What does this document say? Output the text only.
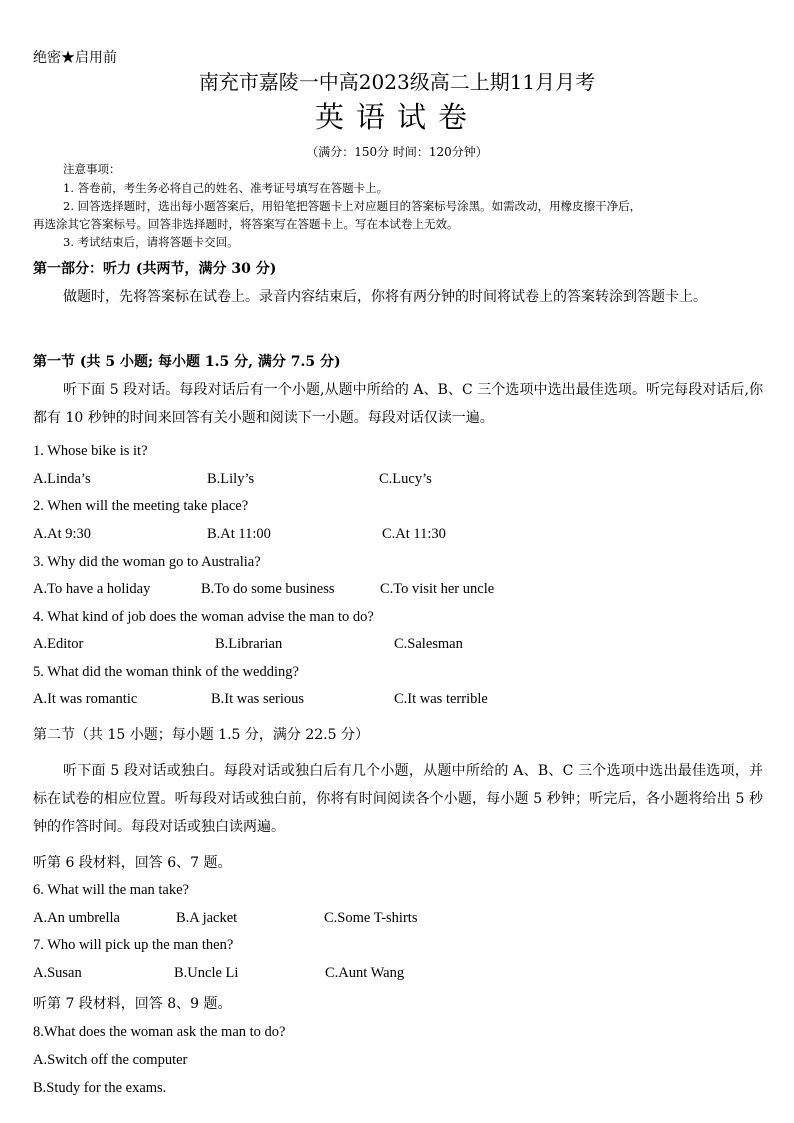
绝密★启用前
南充市嘉陵一中高2023级高二上期11月月考
英语试卷
（满分：150分 时间：120分钟）
注意事项：
1. 答卷前，考生务必将自己的姓名、准考证号填写在答题卡上。
2. 回答选择题时，选出每小题答案后，用铅笔把答题卡上对应题目的答案标号涂黑。如需改动，用橡皮擦干净后，
再选涂其它答案标号。回答非选择题时，将答案写在答题卡上。写在本试卷上无效。
3. 考试结束后，请将答题卡交回。
第一部分：听力 (共两节，满分 30 分)
做题时，先将答案标在试卷上。录音内容结束后，你将有两分钟的时间将试卷上的答案转涂到答题卡上。
第一节 (共 5 小题; 每小题 1.5 分, 满分 7.5 分)
听下面 5 段对话。每段对话后有一个小题,从题中所给的 A、B、C 三个选项中选出最佳选项。听完每段对话后,你都有 10 秒钟的时间来回答有关小题和阅读下一小题。每段对话仅读一遍。
1. Whose bike is it?
A.Linda’s	B.Lily’s	C.Lucy’s
2. When will the meeting take place?
A.At 9:30	B.At 11:00	C.At 11:30
3. Why did the woman go to Australia?
A.To have a holiday	B.To do some business	C.To visit her uncle
4. What kind of job does the woman advise the man to do?
A.Editor	B.Librarian	C.Salesman
5. What did the woman think of the wedding?
A.It was romantic	B.It was serious	C.It was terrible
第二节（共 15 小题；每小题 1.5 分，满分 22.5 分）
听下面 5 段对话或独白。每段对话或独白后有几个小题，从题中所给的 A、B、C 三个选项中选出最佳选项，并标在试卷的相应位置。听每段对话或独白前，你将有时间阅读各个小题，每小题 5 秒钟；听完后，各小题将给出 5 秒钟的作答时间。每段对话或独白读两遍。
听第 6 段材料，回答 6、7 题。
6. What will the man take?
A.An umbrella	B.A jacket	C.Some T-shirts
7. Who will pick up the man then?
A.Susan	B.Uncle Li	C.Aunt Wang
听第 7 段材料，回答 8、9 题。
8.What does the woman ask the man to do?
A.Switch off the computer
B.Study for the exams.
